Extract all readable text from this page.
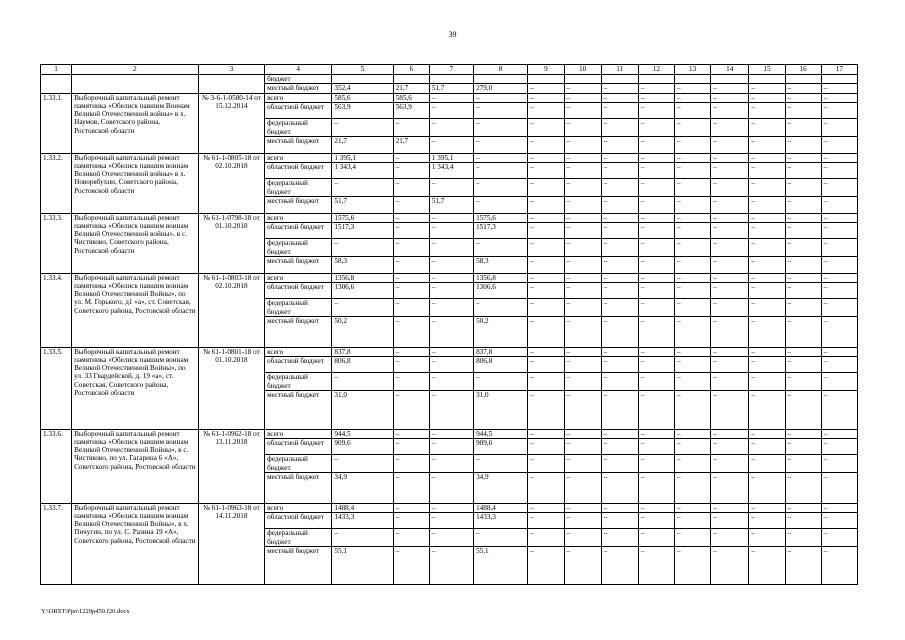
39
1	2	3	4	5	6	7	8	9	10	11	12	13	14	15	16	17
			бюджет													
			местный бюджет	352,4	21,7	51,7	279,0	–	–	–	–	–	–	–	–	–
1.33.1.	Выборочный капитальный ремонт памятника «Обелиск павшим Воинам Великой Отечественной войны» в х. Наумов, Советского района, Ростовской области	№ 3-6-1-0580-14 от 15.12.2014	всего	585,6	585,6	–	–	–	–	–	–	–	–	–	–	–
			областной бюджет	563,9	563,9	–	–	–	–	–	–	–	–	–	–	–
			федеральный бюджет	–	–	–	–	–	–	–	–	–	–	–	–	–
			местный бюджет	21,7	21,7	–	–	–	–	–	–	–	–	–	–	–
1.33.2.	Выборочный капитальный ремонт памятника «Обелиск павшим воинам Великой Отечественной войны» в х. Новорябухин, Советского района, Ростовской области	№ 61-1-0805-18 от 02.10.2018	всего	1 395,1	–	1 395,1	–	–	–	–	–	–	–	–	–	–
			областной бюджет	1 343,4	–	1 343,4	–	–	–	–	–	–	–	–	–	–
			федеральный бюджет	–	–	–	–	–	–	–	–	–	–	–	–	–
			местный бюджет	51,7	–	51,7	–	–	–	–	–	–	–	–	–	–
1.33.3.	Выборочный капитальный ремонт памятника «Обелиск павшим воинам Великой Отечественной войны», в с. Чистяково, Советского района, Ростовской области	№ 61-1-0798-18 от 01.10.2018	всего	1575,6	–	–	1575,6	–	–	–	–	–	–	–	–	–
			областной бюджет	1517,3	–	–	1517,3	–	–	–	–	–	–	–	–	–
			федеральный бюджет	–	–	–	–	–	–	–	–	–	–	–	–	–
			местный бюджет	58,3	–	–	58,3	–	–	–	–	–	–	–	–	–
1.33.4.	Выборочный капитальный ремонт памятника «Обелиск павшим воинам Великой Отечественной Войны», по ул. М. Горького, д1 «а», ст. Советская, Советского района, Ростовской области	№ 61-1-0803-18 от 02.10.2018	всего	1356,8	–	–	1356,8	–	–	–	–	–	–	–	–	–
			областной бюджет	1306,6	–	–	1306,6	–	–	–	–	–	–	–	–	–
			федеральный бюджет	–	–	–	–	–	–	–	–	–	–	–	–	–
			местный бюджет	50,2	–	–	50,2	–	–	–	–	–	–	–	–	–
1.33.5.	Выборочный капитальный ремонт памятника «Обелиск павшим воинам Великой Отечественной Войны», по ул. 33 Гвардейской, д. 19 «а», ст. Советская, Советского района, Ростовской области	№ 61-1-0801-18 от 01.10.2018	всего	837,8	–	–	837,8	–	–	–	–	–	–	–	–	–
			областной бюджет	806,8	–	–	806,8	–	–	–	–	–	–	–	–	–
			федеральный бюджет	–	–	–	–	–	–	–	–	–	–	–	–	–
			местный бюджет	31,0	–	–	31,0	–	–	–	–	–	–	–	–	–
1.33.6.	Выборочный капитальный ремонт памятника «Обелиск павшим воинам Великой Отечественной Войны», в с. Чистяково, по ул. Гагарина 6 «А», Советского района, Ростовской области	№ 61-1-0962-18 от 13.11.2018	всего	944,5	–	–	944,5	–	–	–	–	–	–	–	–	–
			областной бюджет	909,6	–	–	909,6	–	–	–	–	–	–	–	–	–
			федеральный бюджет	–	–	–	–	–	–	–	–	–	–	–	–	–
			местный бюджет	34,9	–	–	34,9	–	–	–	–	–	–	–	–	–
1.33.7.	Выборочный капитальный ремонт памятника «Обелиск павшим воинам Великой Отечественной Войны», в х. Пичугин, по ул. С. Разина 19 «А», Советского района, Ростовской области	№ 61-1-0963-18 от 14.11.2018	всего	1488,4	–	–	1488,4	–	–	–	–	–	–	–	–	–
			областной бюджет	1433,3	–	–	1433,3	–	–	–	–	–	–	–	–	–
			федеральный бюджет	–	–	–	–	–	–	–	–	–	–	–	–	–
			местный бюджет	55,1	–	–	55,1	–	–	–	–	–	–	–	–	–
Y:\ORST\Ppo\1229p459.f20.docx
